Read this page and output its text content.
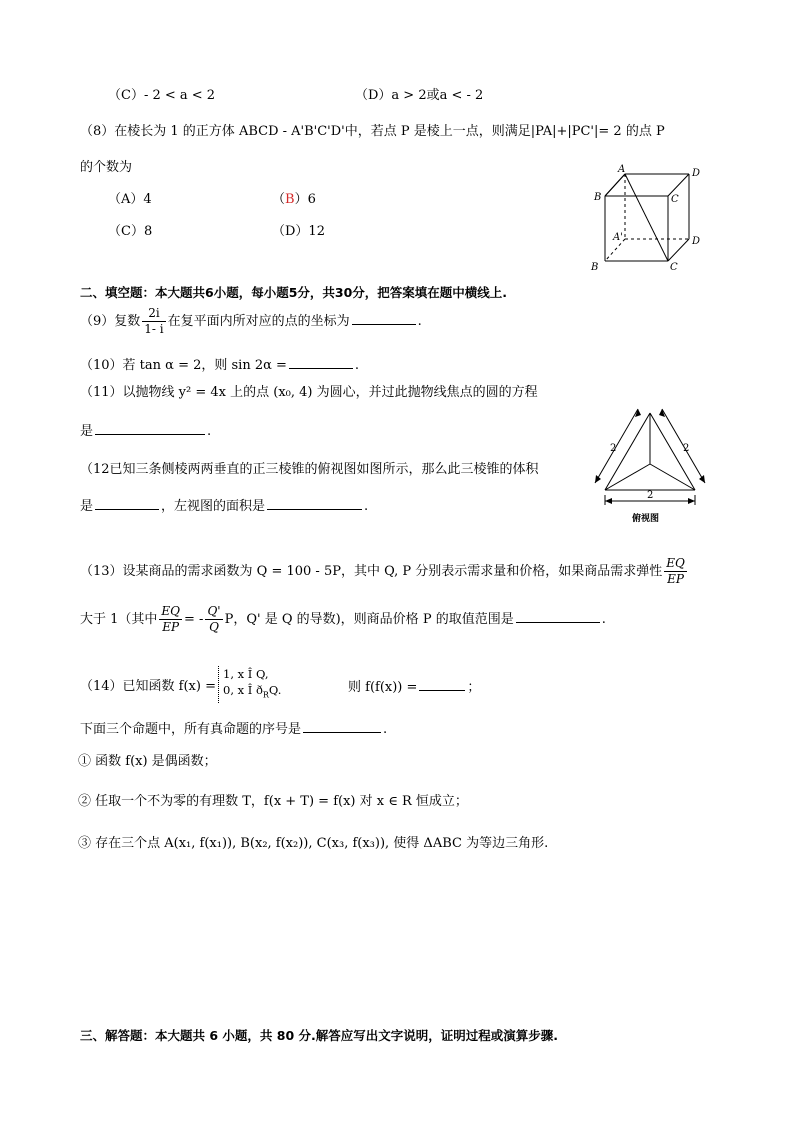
（C）- 2 < a < 2	（D）a > 2或a < - 2
（8）在棱长为 1 的正方体 ABCD - A'B'C'D'中，若点 P 是棱上一点，则满足|PA|+|PC'|= 2 的点 P
的个数为
（A）4	（B）6
（C）8	（D）12
A	D
B	C
A'	D
B	C
二、填空题：本大题共6小题，每小题5分，共30分，把答案填在题中横线上.
（9）复数 $\frac{2i}{1- i}$ 在复平面内所对应的点的坐标为	.
（10）若 tan α = 2，则 sin 2α =	.
（11）以抛物线 y² = 4x 上的点 (x₀, 4) 为圆心，并过此抛物线焦点的圆的方程
是	.
（12已知三条侧棱两两垂直的正三棱锥的俯视图如图所示，那么此三棱锥的体积
是	，左视图的面积是	.
2	2
2
俯视图
（13）设某商品的需求函数为 Q = 100 - 5P，其中 Q, P 分别表示需求量和价格，如果商品需求弹性 $\frac{EQ}{EP}$
大于 1（其中 $\frac{EQ}{EP}$ = - $\frac{Q'}{Q}$ P，Q' 是 Q 的导数)，则商品价格 P 的取值范围是	.
（14）已知函数 f(x) =
1, x Î Q,
0, x Î $ð_RQ$.	则 f(f(x)) =	；
下面三个命题中，所有真命题的序号是	.
① 函数 f(x) 是偶函数；
② 任取一个不为零的有理数 T，f(x + T) = f(x) 对 x ∈ R 恒成立；
③ 存在三个点 A(x₁, f(x₁)), B(x₂, f(x₂)), C(x₃, f(x₃)), 使得 ΔABC 为等边三角形.
三、解答题：本大题共 6 小题，共 80 分.解答应写出文字说明，证明过程或演算步骤.
